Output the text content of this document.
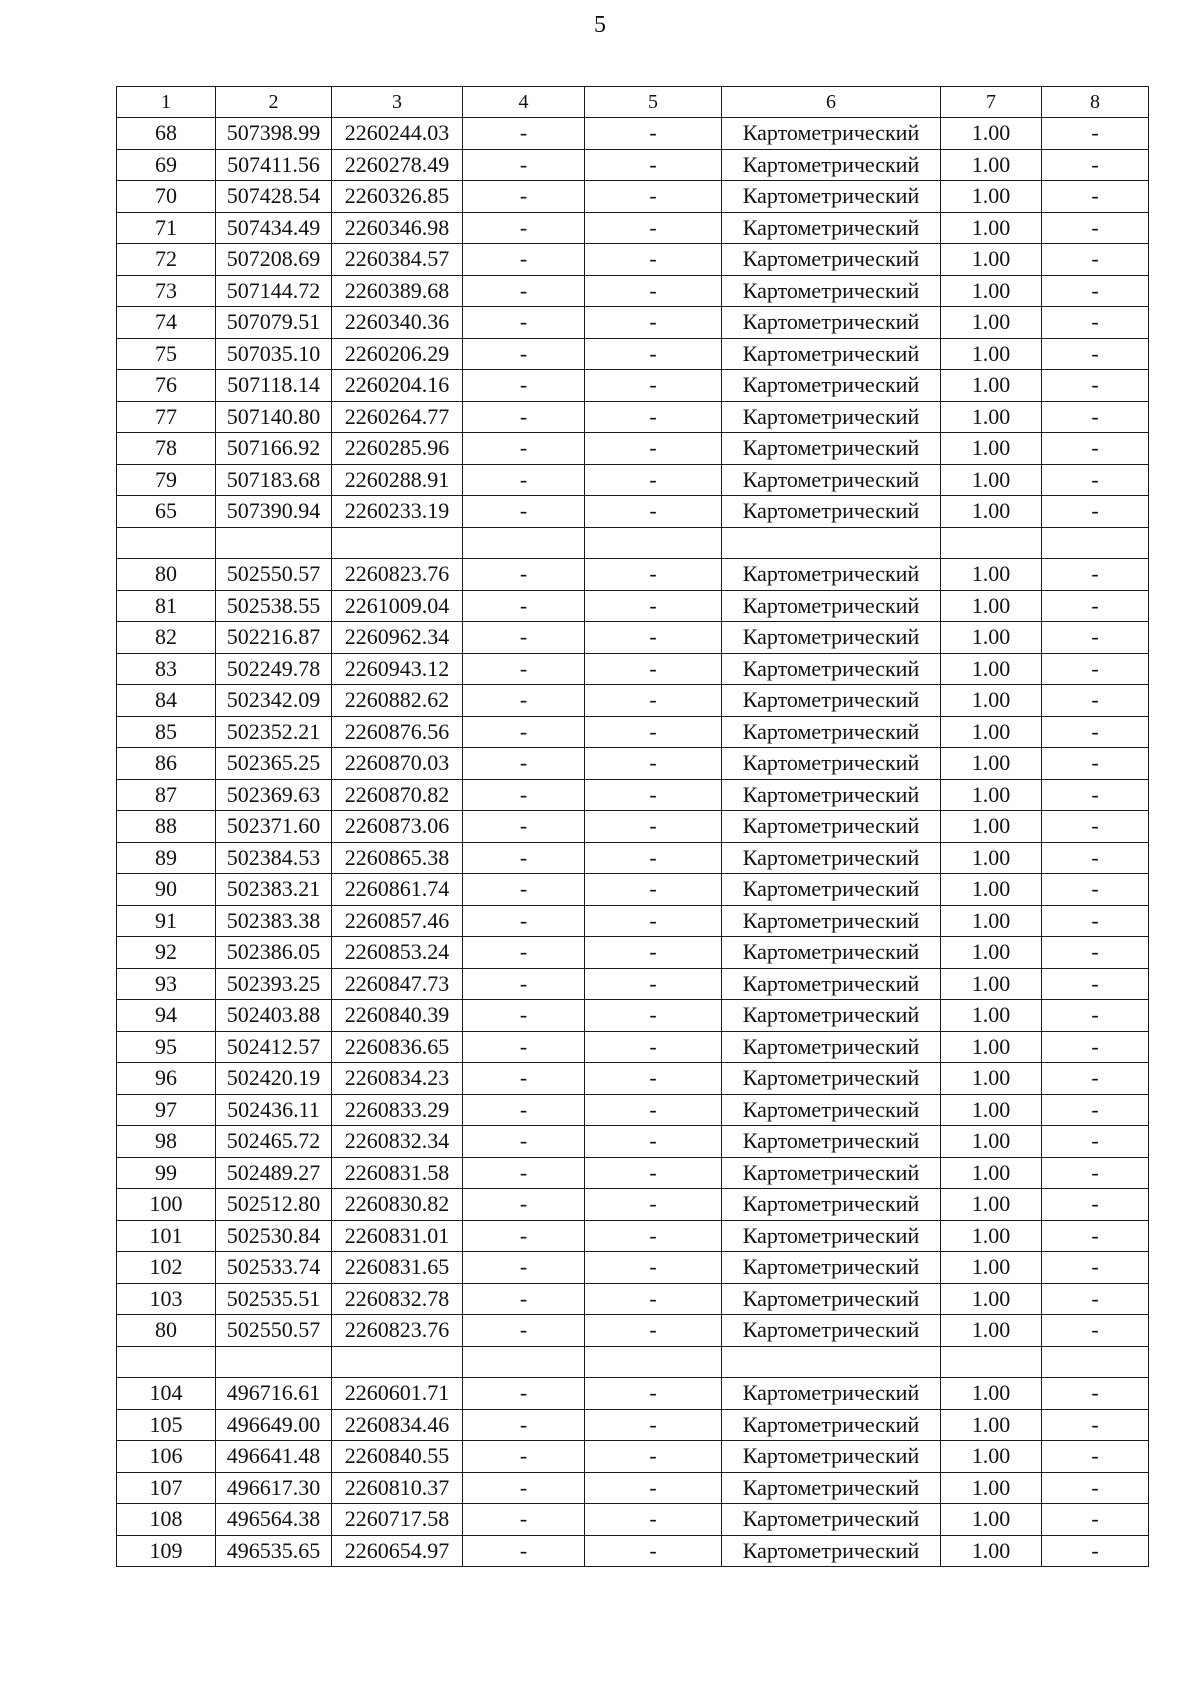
5
1	2	3	4	5	6	7	8
68	507398.99	2260244.03	-	-	Картометрический	1.00	-
69	507411.56	2260278.49	-	-	Картометрический	1.00	-
70	507428.54	2260326.85	-	-	Картометрический	1.00	-
71	507434.49	2260346.98	-	-	Картометрический	1.00	-
72	507208.69	2260384.57	-	-	Картометрический	1.00	-
73	507144.72	2260389.68	-	-	Картометрический	1.00	-
74	507079.51	2260340.36	-	-	Картометрический	1.00	-
75	507035.10	2260206.29	-	-	Картометрический	1.00	-
76	507118.14	2260204.16	-	-	Картометрический	1.00	-
77	507140.80	2260264.77	-	-	Картометрический	1.00	-
78	507166.92	2260285.96	-	-	Картометрический	1.00	-
79	507183.68	2260288.91	-	-	Картометрический	1.00	-
65	507390.94	2260233.19	-	-	Картометрический	1.00	-

80	502550.57	2260823.76	-	-	Картометрический	1.00	-
81	502538.55	2261009.04	-	-	Картометрический	1.00	-
82	502216.87	2260962.34	-	-	Картометрический	1.00	-
83	502249.78	2260943.12	-	-	Картометрический	1.00	-
84	502342.09	2260882.62	-	-	Картометрический	1.00	-
85	502352.21	2260876.56	-	-	Картометрический	1.00	-
86	502365.25	2260870.03	-	-	Картометрический	1.00	-
87	502369.63	2260870.82	-	-	Картометрический	1.00	-
88	502371.60	2260873.06	-	-	Картометрический	1.00	-
89	502384.53	2260865.38	-	-	Картометрический	1.00	-
90	502383.21	2260861.74	-	-	Картометрический	1.00	-
91	502383.38	2260857.46	-	-	Картометрический	1.00	-
92	502386.05	2260853.24	-	-	Картометрический	1.00	-
93	502393.25	2260847.73	-	-	Картометрический	1.00	-
94	502403.88	2260840.39	-	-	Картометрический	1.00	-
95	502412.57	2260836.65	-	-	Картометрический	1.00	-
96	502420.19	2260834.23	-	-	Картометрический	1.00	-
97	502436.11	2260833.29	-	-	Картометрический	1.00	-
98	502465.72	2260832.34	-	-	Картометрический	1.00	-
99	502489.27	2260831.58	-	-	Картометрический	1.00	-
100	502512.80	2260830.82	-	-	Картометрический	1.00	-
101	502530.84	2260831.01	-	-	Картометрический	1.00	-
102	502533.74	2260831.65	-	-	Картометрический	1.00	-
103	502535.51	2260832.78	-	-	Картометрический	1.00	-
80	502550.57	2260823.76	-	-	Картометрический	1.00	-

104	496716.61	2260601.71	-	-	Картометрический	1.00	-
105	496649.00	2260834.46	-	-	Картометрический	1.00	-
106	496641.48	2260840.55	-	-	Картометрический	1.00	-
107	496617.30	2260810.37	-	-	Картометрический	1.00	-
108	496564.38	2260717.58	-	-	Картометрический	1.00	-
109	496535.65	2260654.97	-	-	Картометрический	1.00	-
